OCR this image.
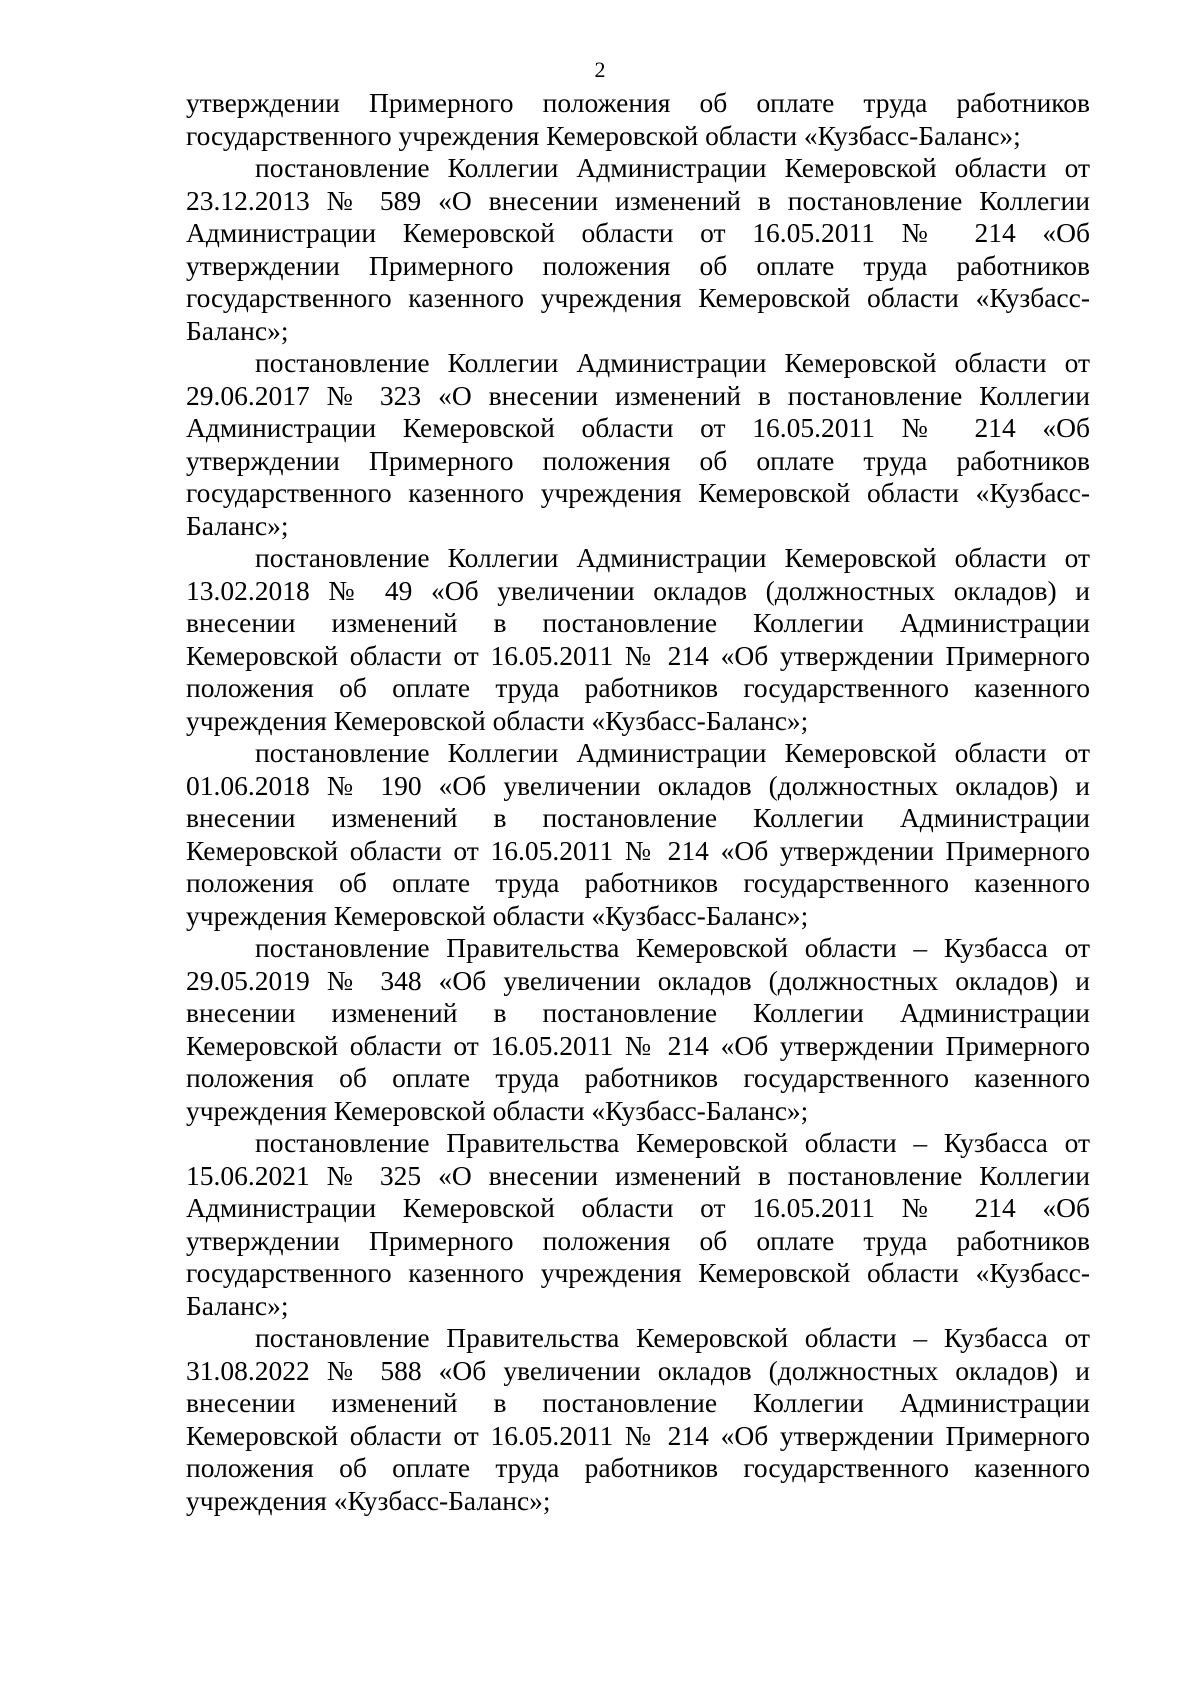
2
утверждении Примерного положения об оплате труда работников
государственного учреждения Кемеровской области «Кузбасс-Баланс»;
постановление Коллегии Администрации Кемеровской области от
23.12.2013 № 589 «О внесении изменений в постановление Коллегии
Администрации Кемеровской области от 16.05.2011 № 214 «Об
утверждении Примерного положения об оплате труда работников
государственного казенного учреждения Кемеровской области «Кузбасс-
Баланс»;
постановление Коллегии Администрации Кемеровской области от
29.06.2017 № 323 «О внесении изменений в постановление Коллегии
Администрации Кемеровской области от 16.05.2011 № 214 «Об
утверждении Примерного положения об оплате труда работников
государственного казенного учреждения Кемеровской области «Кузбасс-
Баланс»;
постановление Коллегии Администрации Кемеровской области от
13.02.2018 № 49 «Об увеличении окладов (должностных окладов) и
внесении изменений в постановление Коллегии Администрации
Кемеровской области от 16.05.2011 № 214 «Об утверждении Примерного
положения об оплате труда работников государственного казенного
учреждения Кемеровской области «Кузбасс-Баланс»;
постановление Коллегии Администрации Кемеровской области от
01.06.2018 № 190 «Об увеличении окладов (должностных окладов) и
внесении изменений в постановление Коллегии Администрации
Кемеровской области от 16.05.2011 № 214 «Об утверждении Примерного
положения об оплате труда работников государственного казенного
учреждения Кемеровской области «Кузбасс-Баланс»;
постановление Правительства Кемеровской области – Кузбасса от
29.05.2019 № 348 «Об увеличении окладов (должностных окладов) и
внесении изменений в постановление Коллегии Администрации
Кемеровской области от 16.05.2011 № 214 «Об утверждении Примерного
положения об оплате труда работников государственного казенного
учреждения Кемеровской области «Кузбасс-Баланс»;
постановление Правительства Кемеровской области – Кузбасса от
15.06.2021 № 325 «О внесении изменений в постановление Коллегии
Администрации Кемеровской области от 16.05.2011 № 214 «Об
утверждении Примерного положения об оплате труда работников
государственного казенного учреждения Кемеровской области «Кузбасс-
Баланс»;
постановление Правительства Кемеровской области – Кузбасса от
31.08.2022 № 588 «Об увеличении окладов (должностных окладов) и
внесении изменений в постановление Коллегии Администрации
Кемеровской области от 16.05.2011 № 214 «Об утверждении Примерного
положения об оплате труда работников государственного казенного
учреждения «Кузбасс-Баланс»;
